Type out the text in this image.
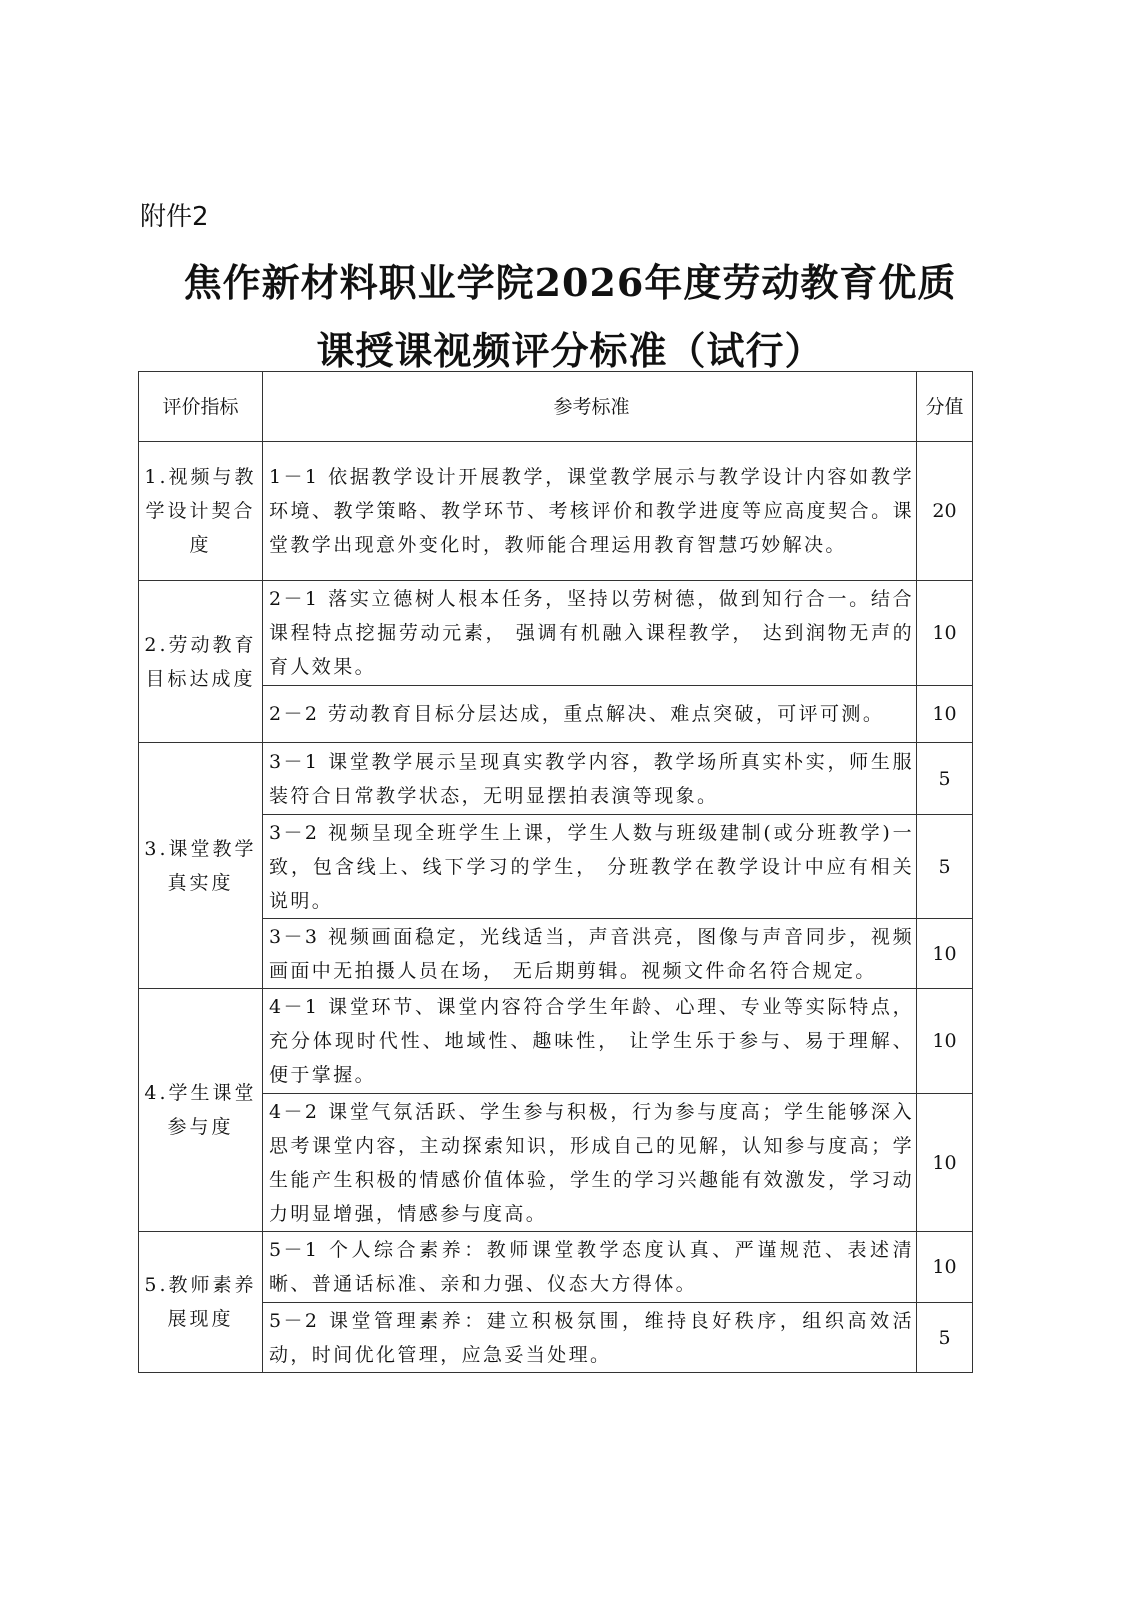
附件2
焦作新材料职业学院2026年度劳动教育优质
课授课视频评分标准（试行）
评价指标	参考标准	分值
1.视频与教学设计契合度	1－1 依据教学设计开展教学，课堂教学展示与教学设计内容如教学环境、教学策略、教学环节、考核评价和教学进度等应高度契合。课堂教学出现意外变化时，教师能合理运用教育智慧巧妙解决。	20
2.劳动教育目标达成度	2－1 落实立德树人根本任务，坚持以劳树德，做到知行合一。结合课程特点挖掘劳动元素， 强调有机融入课程教学， 达到润物无声的育人效果。	10
	2－2 劳动教育目标分层达成，重点解决、难点突破，可评可测。	10
3.课堂教学真实度	3－1 课堂教学展示呈现真实教学内容，教学场所真实朴实，师生服装符合日常教学状态，无明显摆拍表演等现象。	5
	3－2 视频呈现全班学生上课，学生人数与班级建制(或分班教学)一致，包含线上、线下学习的学生， 分班教学在教学设计中应有相关说明。	5
	3－3 视频画面稳定，光线适当，声音洪亮，图像与声音同步，视频画面中无拍摄人员在场， 无后期剪辑。视频文件命名符合规定。	10
4.学生课堂参与度	4－1 课堂环节、课堂内容符合学生年龄、心理、专业等实际特点，充分体现时代性、地域性、趣味性， 让学生乐于参与、易于理解、便于掌握。	10
	4－2 课堂气氛活跃、学生参与积极，行为参与度高；学生能够深入思考课堂内容，主动探索知识，形成自己的见解，认知参与度高；学生能产生积极的情感价值体验，学生的学习兴趣能有效激发，学习动力明显增强，情感参与度高。	10
5.教师素养展现度	5－1 个人综合素养：教师课堂教学态度认真、严谨规范、表述清晰、普通话标准、亲和力强、仪态大方得体。	10
	5－2 课堂管理素养：建立积极氛围，维持良好秩序，组织高效活动，时间优化管理，应急妥当处理。	5
